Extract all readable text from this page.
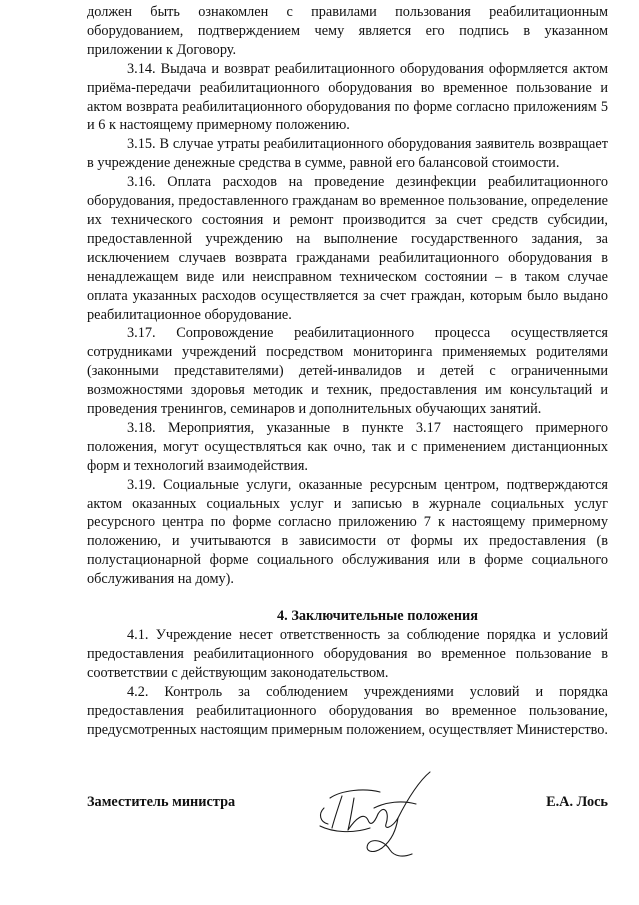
должен быть ознакомлен с правилами пользования реабилитационным оборудованием, подтверждением чему является его подпись в указанном приложении к Договору.

3.14. Выдача и возврат реабилитационного оборудования оформляется актом приёма-передачи реабилитационного оборудования во временное пользование и актом возврата реабилитационного оборудования по форме согласно приложениям 5 и 6 к настоящему примерному положению.

3.15. В случае утраты реабилитационного оборудования заявитель возвращает в учреждение денежные средства в сумме, равной его балансовой стоимости.

3.16. Оплата расходов на проведение дезинфекции реабилитационного оборудования, предоставленного гражданам во временное пользование, определение их технического состояния и ремонт производится за счет средств субсидии, предоставленной учреждению на выполнение государственного задания, за исключением случаев возврата гражданами реабилитационного оборудования в ненадлежащем виде или неисправном техническом состоянии – в таком случае оплата указанных расходов осуществляется за счет граждан, которым было выдано реабилитационное оборудование.

3.17. Сопровождение реабилитационного процесса осуществляется сотрудниками учреждений посредством мониторинга применяемых родителями (законными представителями) детей-инвалидов и детей с ограниченными возможностями здоровья методик и техник, предоставления им консультаций и проведения тренингов, семинаров и дополнительных обучающих занятий.

3.18. Мероприятия, указанные в пункте 3.17 настоящего примерного положения, могут осуществляться как очно, так и с применением дистанционных форм и технологий взаимодействия.

3.19. Социальные услуги, оказанные ресурсным центром, подтверждаются актом оказанных социальных услуг и записью в журнале социальных услуг ресурсного центра по форме согласно приложению 7 к настоящему примерному положению, и учитываются в зависимости от формы их предоставления (в полустационарной форме социального обслуживания или в форме социального обслуживания на дому).

4. Заключительные положения

4.1. Учреждение несет ответственность за соблюдение порядка и условий предоставления реабилитационного оборудования во временное пользование в соответствии с действующим законодательством.

4.2. Контроль за соблюдением учреждениями условий и порядка предоставления реабилитационного оборудования во временное пользование, предусмотренных настоящим примерным положением, осуществляет Министерство.

Заместитель министра	Е.А. Лось
